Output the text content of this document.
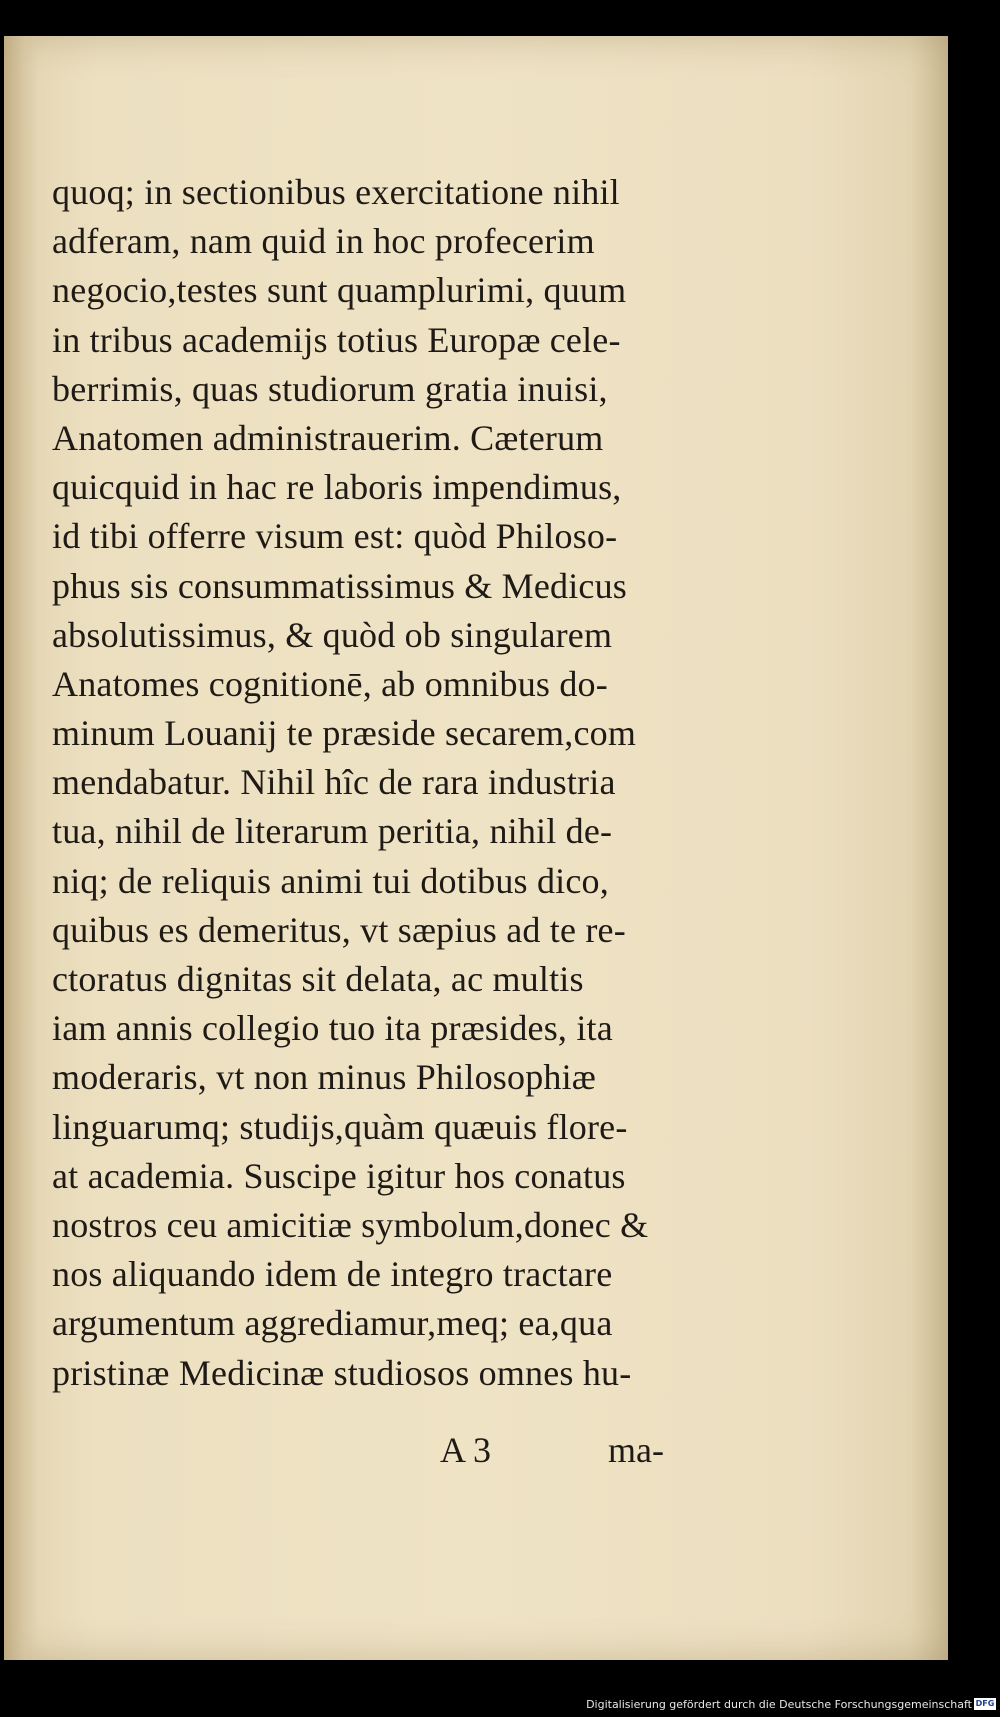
quoq; in sectionibus exercitatione nihil
adferam, nam quid in hoc profecerim
negocio,testes sunt quamplurimi, quum
in tribus academijs totius Europæ cele-
berrimis, quas studiorum gratia inuisi,
Anatomen administrauerim. Cæterum
quicquid in hac re laboris impendimus,
id tibi offerre visum est: quòd Philoso-
phus sis consummatissimus & Medicus
absolutissimus, & quòd ob singularem
Anatomes cognitionē, ab omnibus do-
minum Louanij te præside secarem,com
mendabatur. Nihil hîc de rara industria
tua, nihil de literarum peritia, nihil de-
niq; de reliquis animi tui dotibus dico,
quibus es demeritus, vt sæpius ad te re-
ctoratus dignitas sit delata, ac multis
iam annis collegio tuo ita præsides, ita
moderaris, vt non minus Philosophiæ
linguarumq; studijs,quàm quæuis flore-
at academia. Suscipe igitur hos conatus
nostros ceu amicitiæ symbolum,donec &
nos aliquando idem de integro tractare
argumentum aggrediamur,meq; ea,qua
pristinæ Medicinæ studiosos omnes hu-
A 3	ma-
Digitalisierung gefördert durch die Deutsche Forschungsgemeinschaft DFG
